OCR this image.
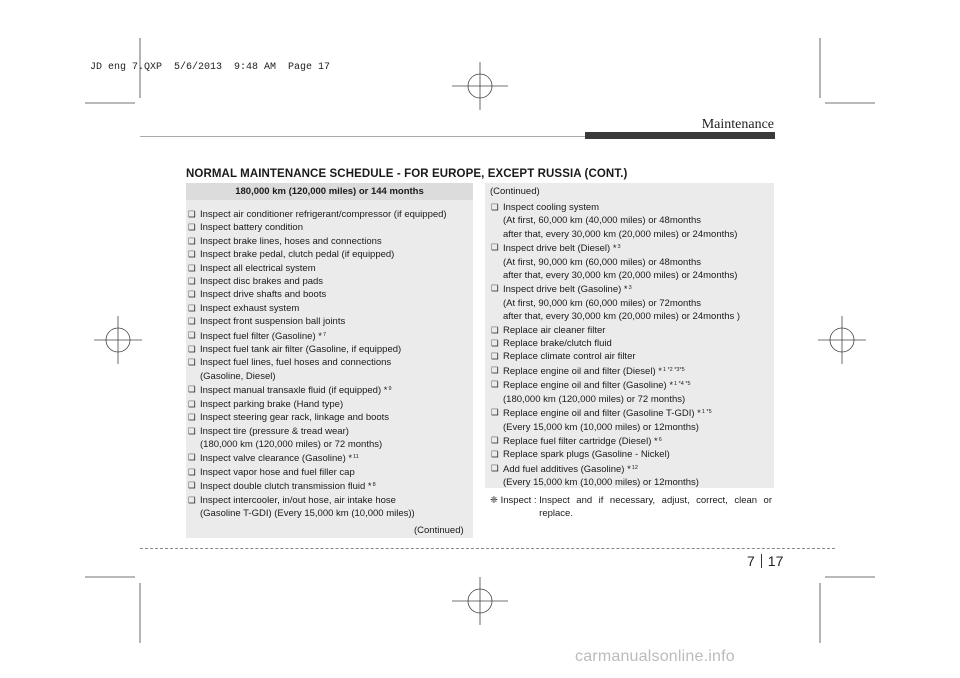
JD eng 7.QXP  5/6/2013  9:48 AM  Page 17
Maintenance
NORMAL MAINTENANCE SCHEDULE - FOR EUROPE, EXCEPT RUSSIA (CONT.)
180,000 km (120,000 miles) or 144 months
❑ Inspect air conditioner refrigerant/compressor (if equipped)
❑ Inspect battery condition
❑ Inspect brake lines, hoses and connections
❑ Inspect brake pedal, clutch pedal (if equipped)
❑ Inspect all electrical system
❑ Inspect disc brakes and pads
❑ Inspect drive shafts and boots
❑ Inspect exhaust system
❑ Inspect front suspension ball joints
❑ Inspect fuel filter (Gasoline) *$^7$
❑ Inspect fuel tank air filter (Gasoline, if equipped)
❑ Inspect fuel lines, fuel hoses and connections
(Gasoline, Diesel)
❑ Inspect manual transaxle fluid (if equipped) *$^9$
❑ Inspect parking brake (Hand type)
❑ Inspect steering gear rack, linkage and boots
❑ Inspect tire (pressure & tread wear)
(180,000 km (120,000 miles) or 72 months)
❑ Inspect valve clearance (Gasoline) *$^{11}$
❑ Inspect vapor hose and fuel filler cap
❑ Inspect double clutch transmission fluid *$^8$
❑ Inspect intercooler, in/out hose, air intake hose
(Gasoline T-GDI) (Every 15,000 km (10,000 miles))
(Continued)
(Continued)
❑ Inspect cooling system
(At first, 60,000 km (40,000 miles) or 48months
after that, every 30,000 km (20,000 miles) or 24months)
❑ Inspect drive belt (Diesel) *$^3$
(At first, 90,000 km (60,000 miles) or 48months
after that, every 30,000 km (20,000 miles) or 24months)
❑ Inspect drive belt (Gasoline) *$^3$
(At first, 90,000 km (60,000 miles) or 72months
after that, every 30,000 km (20,000 miles) or 24months )
❑ Replace air cleaner filter
❑ Replace brake/clutch fluid
❑ Replace climate control air filter
❑ Replace engine oil and filter (Diesel) *$^{1 *2 *3*5}$
❑ Replace engine oil and filter (Gasoline) *$^{1 *4 *5}$
(180,000 km (120,000 miles) or 72 months)
❑ Replace engine oil and filter (Gasoline T-GDI) *$^{1 *5}$
(Every 15,000 km (10,000 miles) or 12months)
❑ Replace fuel filter cartridge (Diesel) *$^6$
❑ Replace spark plugs (Gasoline - Nickel)
❑ Add fuel additives (Gasoline) *$^{12}$
(Every 15,000 km (10,000 miles) or 12months)
❈ Inspect : Inspect and if necessary, adjust, correct, clean or replace.
7 17
carmanualsonline.info
